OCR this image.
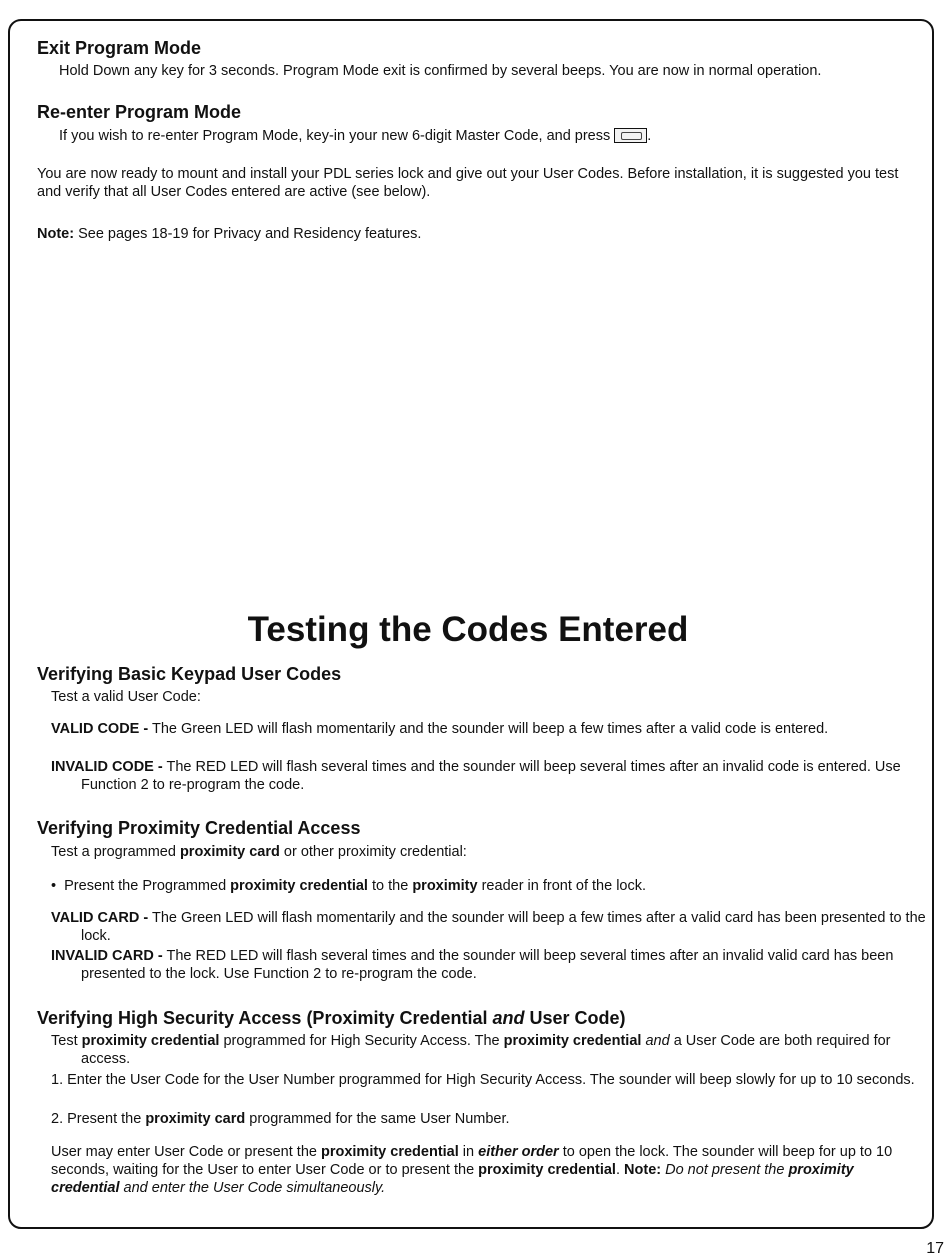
Exit Program Mode

Hold Down any key for 3 seconds. Program Mode exit is confirmed by several beeps. You are now in normal operation.

Re-enter Program Mode

If you wish to re-enter Program Mode, key-in your new 6-digit Master Code, and press	.

You are now ready to mount and install your PDL series lock and give out your User Codes. Before installation, it is suggested you test and verify that all User Codes entered are active (see below).

Note: See pages 18-19 for Privacy and Residency features.

Testing the Codes Entered
Verifying Basic Keypad User Codes

Test a valid User Code:

VALID CODE - The Green LED will flash momentarily and the sounder will beep a few times after a valid code is entered.

INVALID CODE - The RED LED will flash several times and the sounder will beep several times after an invalid code is entered. Use Function 2 to re-program the code.

Verifying Proximity Credential Access

Test a programmed proximity card or other proximity credential:

• Present the Programmed proximity credential to the proximity reader in front of the lock.

VALID CARD - The Green LED will flash momentarily and the sounder will beep a few times after a valid card has been presented to the lock.

INVALID CARD - The RED LED will flash several times and the sounder will beep several times after an invalid valid card has been presented to the lock. Use Function 2 to re-program the code.

Verifying High Security Access (Proximity Credential and User Code)

Test proximity credential programmed for High Security Access. The proximity credential and a User Code are both required for access.

1. Enter the User Code for the User Number programmed for High Security Access. The sounder will beep slowly for up to 10 seconds.

2. Present the proximity card programmed for the same User Number.

User may enter User Code or present the proximity credential in either order to open the lock. The sounder will beep for up to 10 seconds, waiting for the User to enter User Code or to present the proximity credential. Note: Do not present the proximity credential and enter the User Code simultaneously.

17
